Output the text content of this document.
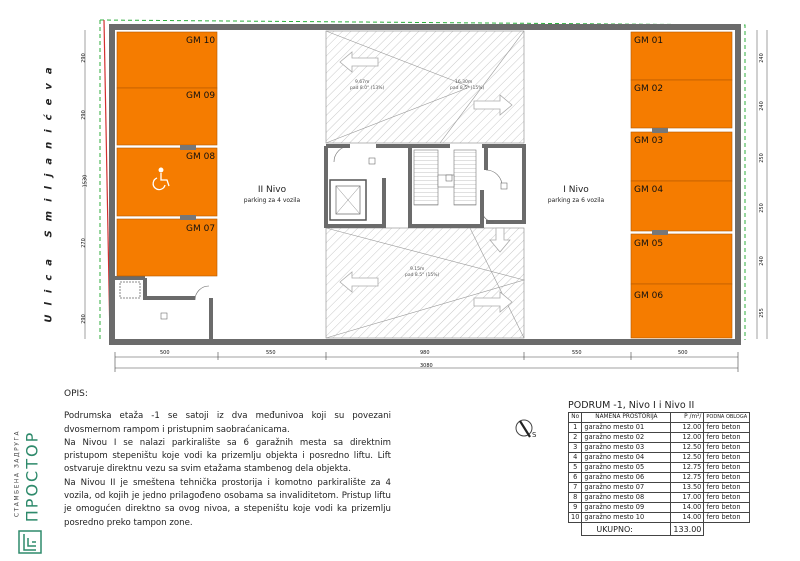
9.67m
pad 8.0° (13%)
16.30m
pad 8.5° (15%)
9.15m
pad 8.5° (15%)
GM 10
GM 09
GM 08
GM 07
GM 01
GM 02
GM 03
GM 04
GM 05
GM 06
II Nivo
parking za 4 vozila
I Nivo
parking za 6 vozila
500	550	980	550	500
3080
290
290
1530
270
290
240
240
250
250
240
255
Ulica Smiljanićeva
СТАМБЕНА ЗАДРУГА ПРОСТОР
OPIS:

Podrumska etaža -1 se satoji iz dva međunivoa koji su povezani dvosmernom rampom i pristupnim saobraćanicama.

Na Nivou I se nalazi parkiralište sa 6 garažnih mesta sa direktnim pristupom stepeništu koje vodi ka prizemlju objekta i posredno liftu. Lift ostvaruje direktnu vezu sa svim etažama stambenog dela objekta.

Na Nivou II je smeštena tehnička prostorija i komotno parkiralište za 4 vozila, od kojih je jedno prilagođeno osobama sa invaliditetom. Pristup liftu je omogućen direktno sa ovog nivoa, a stepeništu koje vodi ka prizemlju posredno preko tampon zone.

S
PODRUM -1, Nivo I i Nivo II
No	NAMENA PROSTORIJA	P /m²/	PODNA OBLOGA
1	garažno mesto 01	12.00	fero beton
2	garažno mesto 02	12.00	fero beton
3	garažno mesto 03	12.50	fero beton
4	garažno mesto 04	12.50	fero beton
5	garažno mesto 05	12.75	fero beton
6	garažno mesto 06	12.75	fero beton
7	garažno mesto 07	13.50	fero beton
8	garažno mesto 08	17.00	fero beton
9	garažno mesto 09	14.00	fero beton
10	garažno mesto 10	14.00	fero beton
	UKUPNO:	133.00	
